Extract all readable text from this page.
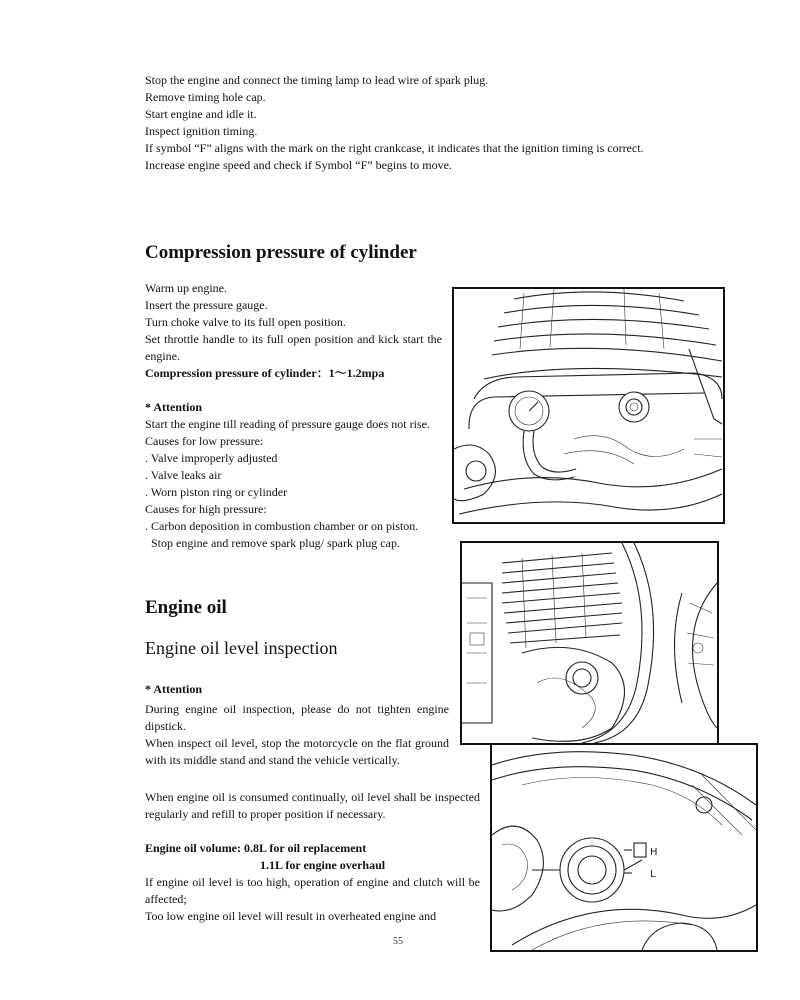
Stop the engine and connect the timing lamp to lead wire of spark plug.
Remove timing hole cap.
Start engine and idle it.
Inspect ignition timing.
If symbol “F” aligns with the mark on the right crankcase, it indicates that the ignition timing is correct.
Increase engine speed and check if Symbol “F” begins to move.
Compression pressure of cylinder
Warm up engine.
Insert the pressure gauge.
Turn choke valve to its full open position.
Set throttle handle to its full open position and kick start the engine.
Compression pressure of cylinder：1～1.2mpa
* Attention
Start the engine till reading of pressure gauge does not rise.
Causes for low pressure:
. Valve improperly adjusted
. Valve leaks air
. Worn piston ring or cylinder
Causes for high pressure:
. Carbon deposition in combustion chamber or on piston.
Stop engine and remove spark plug/ spark plug cap.
Engine oil
Engine oil level inspection
* Attention
During engine oil inspection, please do not tighten engine dipstick.
When inspect oil level, stop the motorcycle on the flat ground with its middle stand and stand the vehicle vertically.
When engine oil is consumed continually, oil level shall be inspected regularly and refill to proper position if necessary.
Engine oil volume: 0.8L for oil replacement
1.1L for engine overhaul
If engine oil level is too high, operation of engine and clutch will be affected;
Too low engine oil level will result in overheated engine and
55
H
L
